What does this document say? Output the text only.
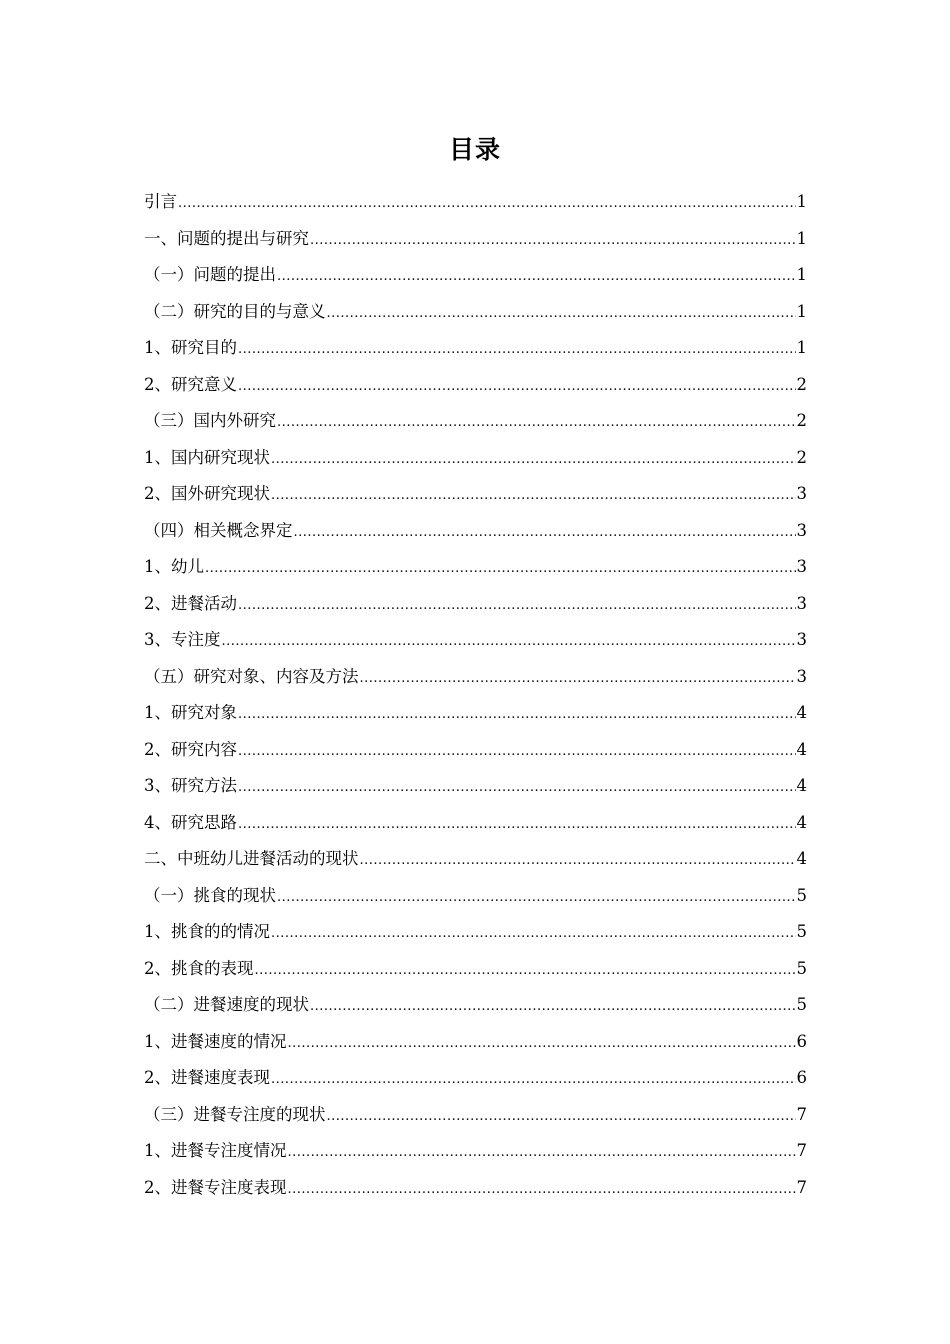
目录
引言 .....	1
一、问题的提出与研究 .....	1
（一）问题的提出 .....	1
（二）研究的目的与意义 .....	1
1、研究目的 .....	1
2、研究意义 .....	2
（三）国内外研究 .....	2
1、国内研究现状 .....	2
2、国外研究现状 .....	3
（四）相关概念界定 .....	3
1、幼儿 .....	3
2、进餐活动 .....	3
3、专注度 .....	3
（五）研究对象、内容及方法 .....	3
1、研究对象 .....	4
2、研究内容 .....	4
3、研究方法 .....	4
4、研究思路 .....	4
二、中班幼儿进餐活动的现状 .....	4
（一）挑食的现状 .....	5
1、挑食的的情况 .....	5
2、挑食的表现 .....	5
（二）进餐速度的现状 .....	5
1、进餐速度的情况 .....	6
2、进餐速度表现 .....	6
（三）进餐专注度的现状 .....	7
1、进餐专注度情况 .....	7
2、进餐专注度表现 .....	7
